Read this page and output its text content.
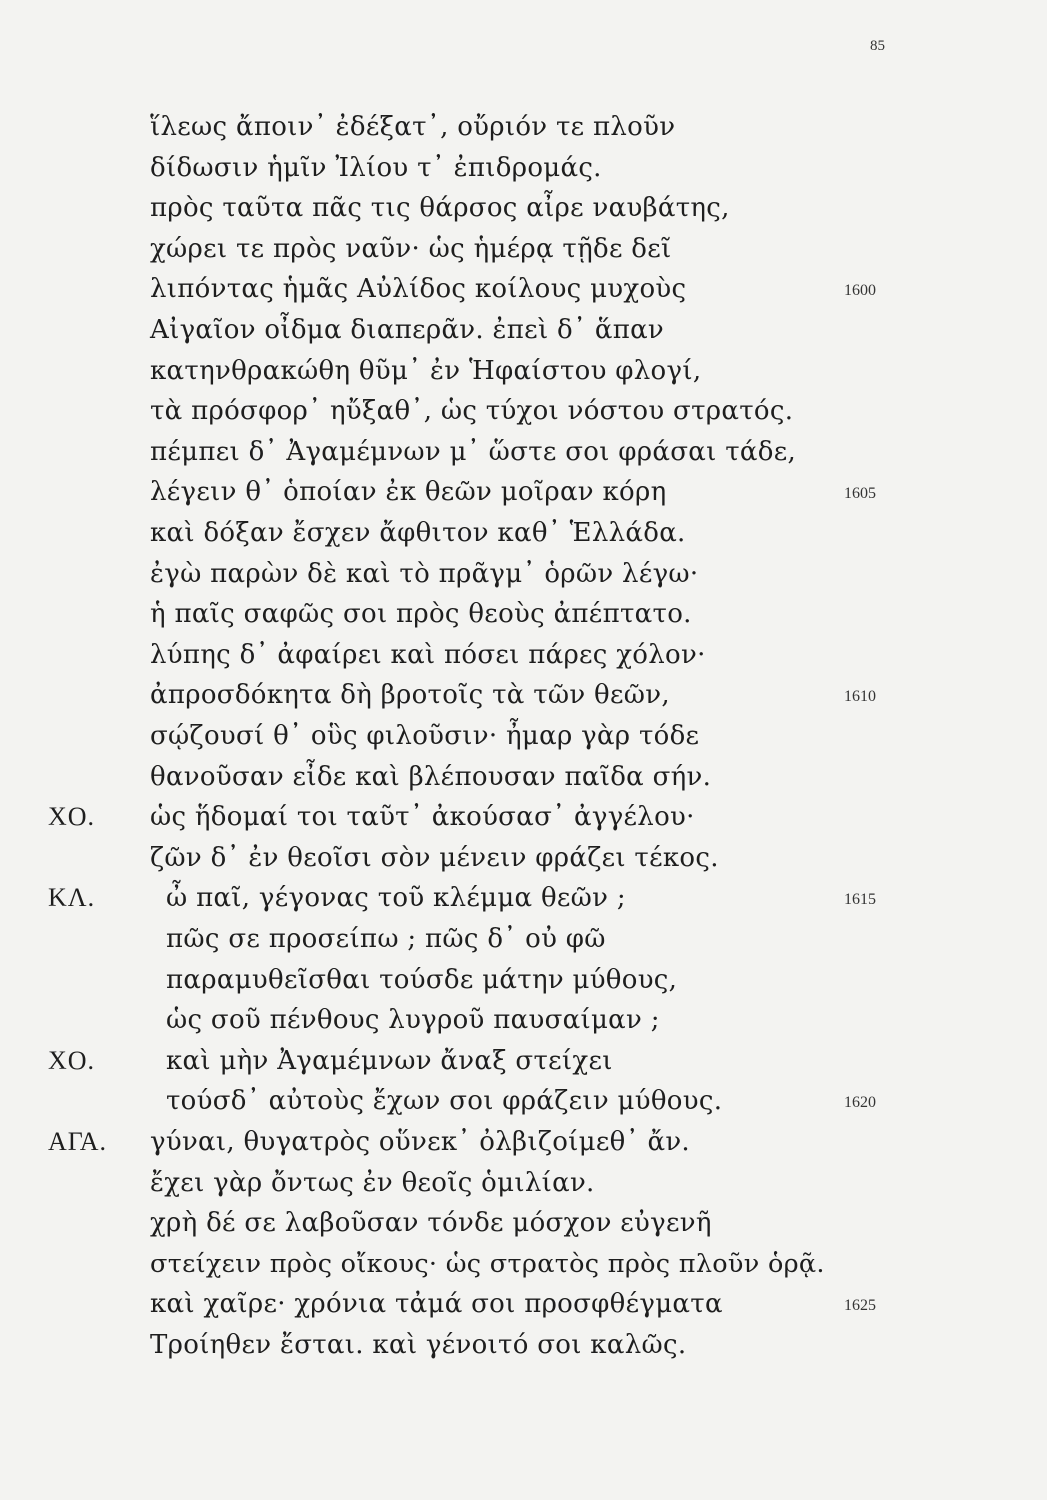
85
ἵλεως ἄποιν᾽ ἐδέξατ᾽, οὔριόν τε πλοῦν
δίδωσιν ἡμῖν Ἰλίου τ᾽ ἐπιδρομάς.
πρὸς ταῦτα πᾶς τις θάρσος αἶρε ναυβάτης,
χώρει τε πρὸς ναῦν· ὡς ἡμέρᾳ τῇδε δεῖ
λιπόντας ἡμᾶς Αὐλίδος κοίλους μυχοὺς	1600
Αἰγαῖον οἶδμα διαπερᾶν. ἐπεὶ δ᾽ ἅπαν
κατηνθρακώθη θῦμ᾽ ἐν Ἡφαίστου φλογί,
τὰ πρόσφορ᾽ ηὔξαθ᾽, ὡς τύχοι νόστου στρατός.
πέμπει δ᾽ Ἀγαμέμνων μ᾽ ὥστε σοι φράσαι τάδε,
λέγειν θ᾽ ὁποίαν ἐκ θεῶν μοῖραν κόρη	1605
καὶ δόξαν ἔσχεν ἄφθιτον καθ᾽ Ἑλλάδα.
ἐγὼ παρὼν δὲ καὶ τὸ πρᾶγμ᾽ ὁρῶν λέγω·
ἡ παῖς σαφῶς σοι πρὸς θεοὺς ἀπέπτατο.
λύπης δ᾽ ἀφαίρει καὶ πόσει πάρες χόλον·
ἀπροσδόκητα δὴ βροτοῖς τὰ τῶν θεῶν,	1610
σῴζουσί θ᾽ οὓς φιλοῦσιν· ἦμαρ γὰρ τόδε
θανοῦσαν εἶδε καὶ βλέπουσαν παῖδα σήν.
ΧΟ. ὡς ἥδομαί τοι ταῦτ᾽ ἀκούσασ᾽ ἀγγέλου·
ζῶν δ᾽ ἐν θεοῖσι σὸν μένειν φράζει τέκος.
ΚΛ.	ὦ παῖ, γέγονας τοῦ κλέμμα θεῶν ;	1615
πῶς σε προσείπω ; πῶς δ᾽ οὐ φῶ
παραμυθεῖσθαι τούσδε μάτην μύθους,
ὡς σοῦ πένθους λυγροῦ παυσαίμαν ;
ΧΟ.	καὶ μὴν Ἀγαμέμνων ἄναξ στείχει
τούσδ᾽ αὐτοὺς ἔχων σοι φράζειν μύθους.	1620
ΑΓΑ. γύναι, θυγατρὸς οὕνεκ᾽ ὀλβιζοίμεθ᾽ ἄν.
ἔχει γὰρ ὄντως ἐν θεοῖς ὁμιλίαν.
χρὴ δέ σε λαβοῦσαν τόνδε μόσχον εὐγενῆ
στείχειν πρὸς οἴκους· ὡς στρατὸς πρὸς πλοῦν ὁρᾷ.
καὶ χαῖρε· χρόνια τἀμά σοι προσφθέγματα	1625
Τροίηθεν ἔσται. καὶ γένοιτό σοι καλῶς.
